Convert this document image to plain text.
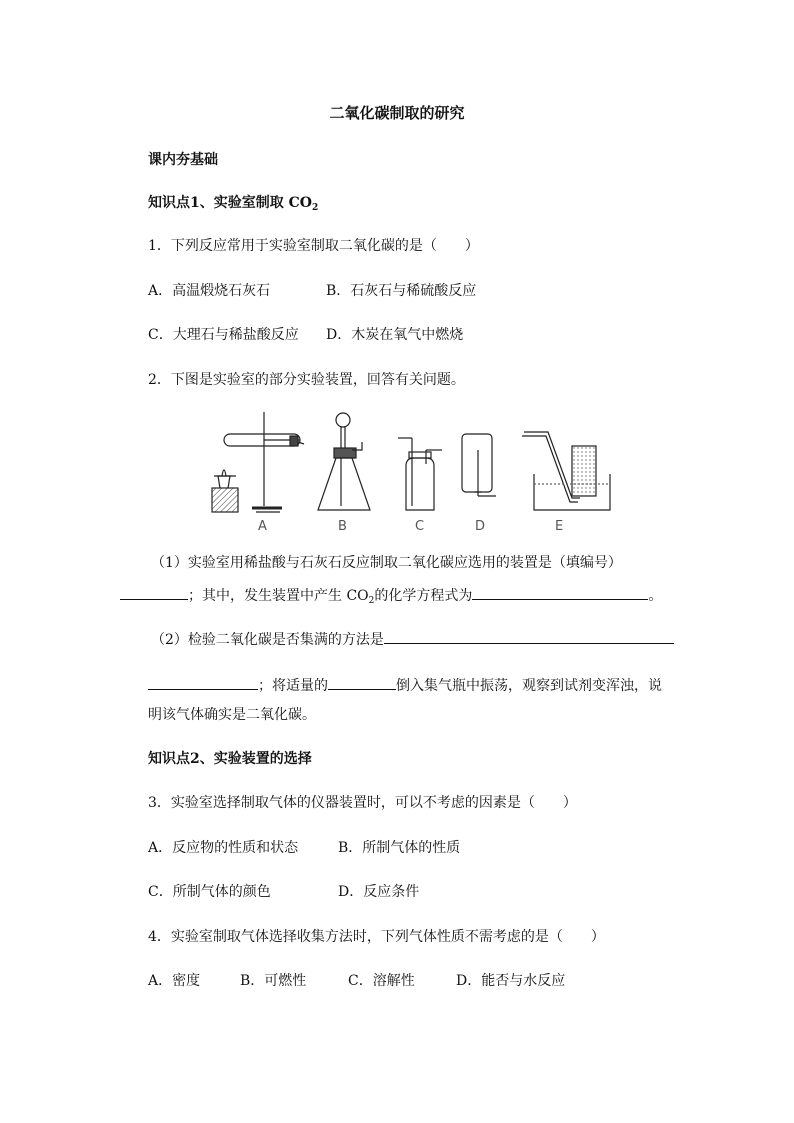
二氧化碳制取的研究
课内夯基础
知识点1、实验室制取 $CO_2$
1．下列反应常用于实验室制取二氧化碳的是（　　）
A．高温煅烧石灰石	B．石灰石与稀硫酸反应
C．大理石与稀盐酸反应 D．木炭在氧气中燃烧
2．下图是实验室的部分实验装置，回答有关问题。
A	B	C	D	E
（1）实验室用稀盐酸与石灰石反应制取二氧化碳应选用的装置是（填编号）
；其中，发生装置中产生 $CO_2$的化学方程式为	。
（2）检验二氧化碳是否集满的方法是
；将适量的	倒入集气瓶中振荡，观察到试剂变浑浊，说
明该气体确实是二氧化碳。
知识点2、实验装置的选择
3．实验室选择制取气体的仪器装置时，可以不考虑的因素是（　　）
A．反应物的性质和状态	B．所制气体的性质
C．所制气体的颜色	D．反应条件
4．实验室制取气体选择收集方法时，下列气体性质不需考虑的是（　　）
A．密度	B．可燃性	C．溶解性	D．能否与水反应
